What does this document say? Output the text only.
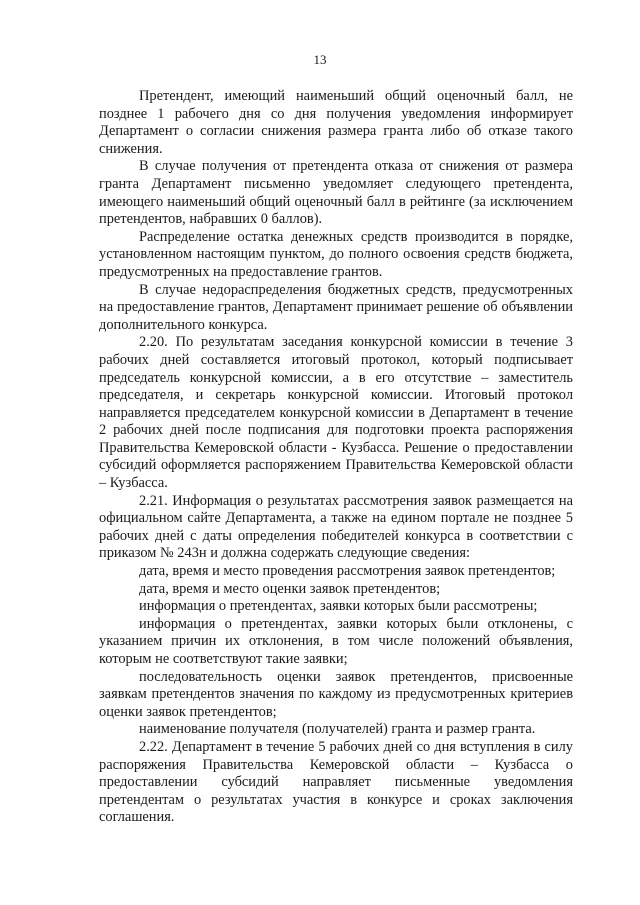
13

Претендент, имеющий наименьший общий оценочный балл, не позднее 1 рабочего дня со дня получения уведомления информирует Департамент о согласии снижения размера гранта либо об отказе такого снижения.

В случае получения от претендента отказа от снижения от размера гранта Департамент письменно уведомляет следующего претендента, имеющего наименьший общий оценочный балл в рейтинге (за исключением претендентов, набравших 0 баллов).

Распределение остатка денежных средств производится в порядке, установленном настоящим пунктом, до полного освоения средств бюджета, предусмотренных на предоставление грантов.

В случае недораспределения бюджетных средств, предусмотренных на предоставление грантов, Департамент принимает решение об объявлении дополнительного конкурса.

2.20. По результатам заседания конкурсной комиссии в течение 3 рабочих дней составляется итоговый протокол, который подписывает председатель конкурсной комиссии, а в его отсутствие – заместитель председателя, и секретарь конкурсной комиссии. Итоговый протокол направляется председателем конкурсной комиссии в Департамент в течение 2 рабочих дней после подписания для подготовки проекта распоряжения Правительства Кемеровской области - Кузбасса. Решение о предоставлении субсидий оформляется распоряжением Правительства Кемеровской области – Кузбасса.

2.21. Информация о результатах рассмотрения заявок размещается на официальном сайте Департамента, а также на едином портале не позднее 5 рабочих дней с даты определения победителей конкурса в соответствии с приказом № 243н и должна содержать следующие сведения:

дата, время и место проведения рассмотрения заявок претендентов;

дата, время и место оценки заявок претендентов;

информация о претендентах, заявки которых были рассмотрены;

информация о претендентах, заявки которых были отклонены, с указанием причин их отклонения, в том числе положений объявления, которым не соответствуют такие заявки;

последовательность оценки заявок претендентов, присвоенные заявкам претендентов значения по каждому из предусмотренных критериев оценки заявок претендентов;

наименование получателя (получателей) гранта и размер гранта.

2.22. Департамент в течение 5 рабочих дней со дня вступления в силу распоряжения Правительства Кемеровской области – Кузбасса о предоставлении субсидий направляет письменные уведомления претендентам о результатах участия в конкурсе и сроках заключения соглашения.
